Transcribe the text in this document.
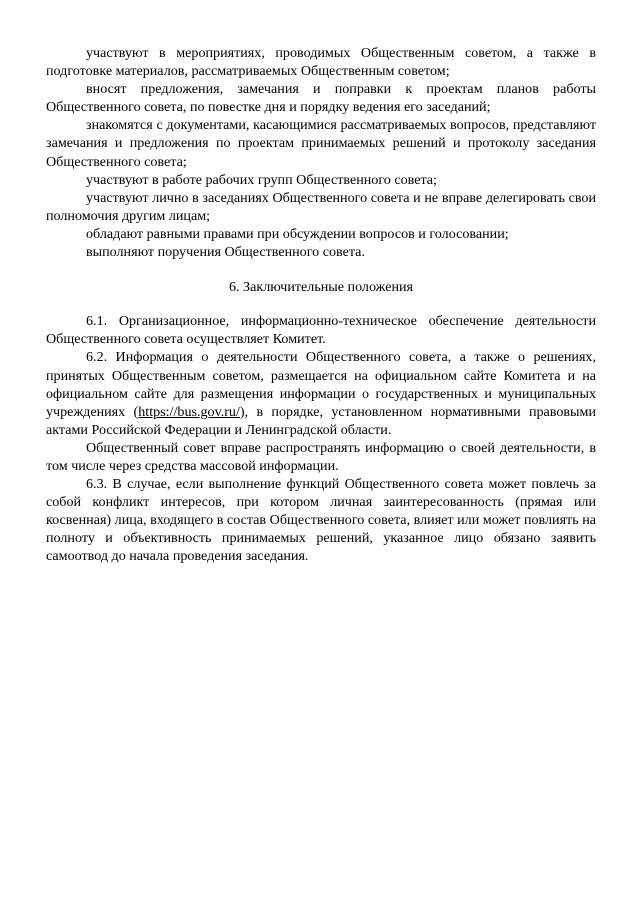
участвуют в мероприятиях, проводимых Общественным советом, а также в подготовке материалов, рассматриваемых Общественным советом;

вносят предложения, замечания и поправки к проектам планов работы Общественного совета, по повестке дня и порядку ведения его заседаний;

знакомятся с документами, касающимися рассматриваемых вопросов, представляют замечания и предложения по проектам принимаемых решений и протоколу заседания Общественного совета;

участвуют в работе рабочих групп Общественного совета;

участвуют лично в заседаниях Общественного совета и не вправе делегировать свои полномочия другим лицам;

обладают равными правами при обсуждении вопросов и голосовании;

выполняют поручения Общественного совета.

6. Заключительные положения

6.1. Организационное, информационно-техническое обеспечение деятельности Общественного совета осуществляет Комитет.

6.2. Информация о деятельности Общественного совета, а также о решениях, принятых Общественным советом, размещается на официальном сайте Комитета и на официальном сайте для размещения информации о государственных и муниципальных учреждениях (https://bus.gov.ru/), в порядке, установленном нормативными правовыми актами Российской Федерации и Ленинградской области.

Общественный совет вправе распространять информацию о своей деятельности, в том числе через средства массовой информации.

6.3. В случае, если выполнение функций Общественного совета может повлечь за собой конфликт интересов, при котором личная заинтересованность (прямая или косвенная) лица, входящего в состав Общественного совета, влияет или может повлиять на полноту и объективность принимаемых решений, указанное лицо обязано заявить самоотвод до начала проведения заседания.
